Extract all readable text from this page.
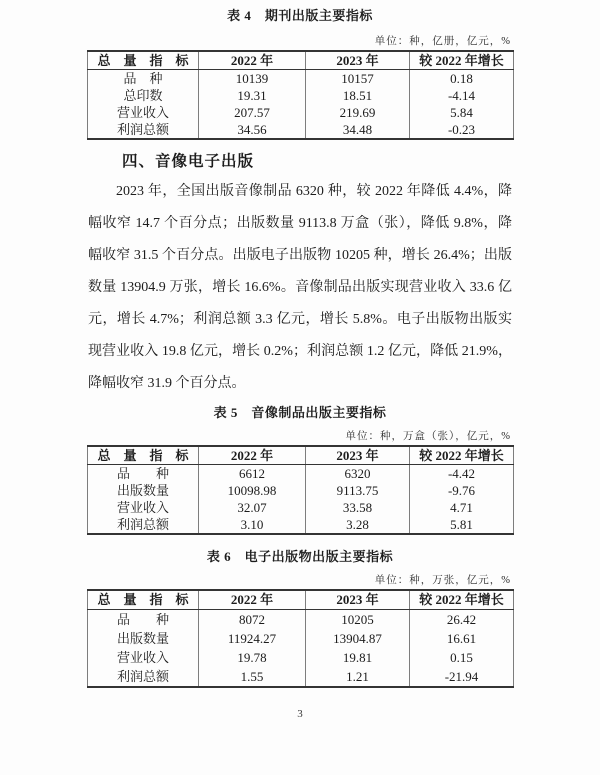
表 4　期刊出版主要指标
单位：种，亿册，亿元，%
总　量　指　标	2022 年	2023 年	较 2022 年增长
品　种	10139	10157	0.18
总印数	19.31	18.51	-4.14
营业收入	207.57	219.69	5.84
利润总额	34.56	34.48	-0.23
四、音像电子出版
2023 年，全国出版音像制品 6320 种，较 2022 年降低 4.4%，降
幅收窄 14.7 个百分点；出版数量 9113.8 万盒（张），降低 9.8%，降
幅收窄 31.5 个百分点。出版电子出版物 10205 种，增长 26.4%；出版
数量 13904.9 万张，增长 16.6%。音像制品出版实现营业收入 33.6 亿
元，增长 4.7%；利润总额 3.3 亿元，增长 5.8%。电子出版物出版实
现营业收入 19.8 亿元，增长 0.2%；利润总额 1.2 亿元，降低 21.9%，
降幅收窄 31.9 个百分点。
表 5　音像制品出版主要指标
单位：种，万盒（张），亿元，%
总　量　指　标	2022 年	2023 年	较 2022 年增长
品　　种	6612	6320	-4.42
出版数量	10098.98	9113.75	-9.76
营业收入	32.07	33.58	4.71
利润总额	3.10	3.28	5.81
表 6　电子出版物出版主要指标
单位：种，万张，亿元，%
总　量　指　标	2022 年	2023 年	较 2022 年增长
品　　种	8072	10205	26.42
出版数量	11924.27	13904.87	16.61
营业收入	19.78	19.81	0.15
利润总额	1.55	1.21	-21.94
3
